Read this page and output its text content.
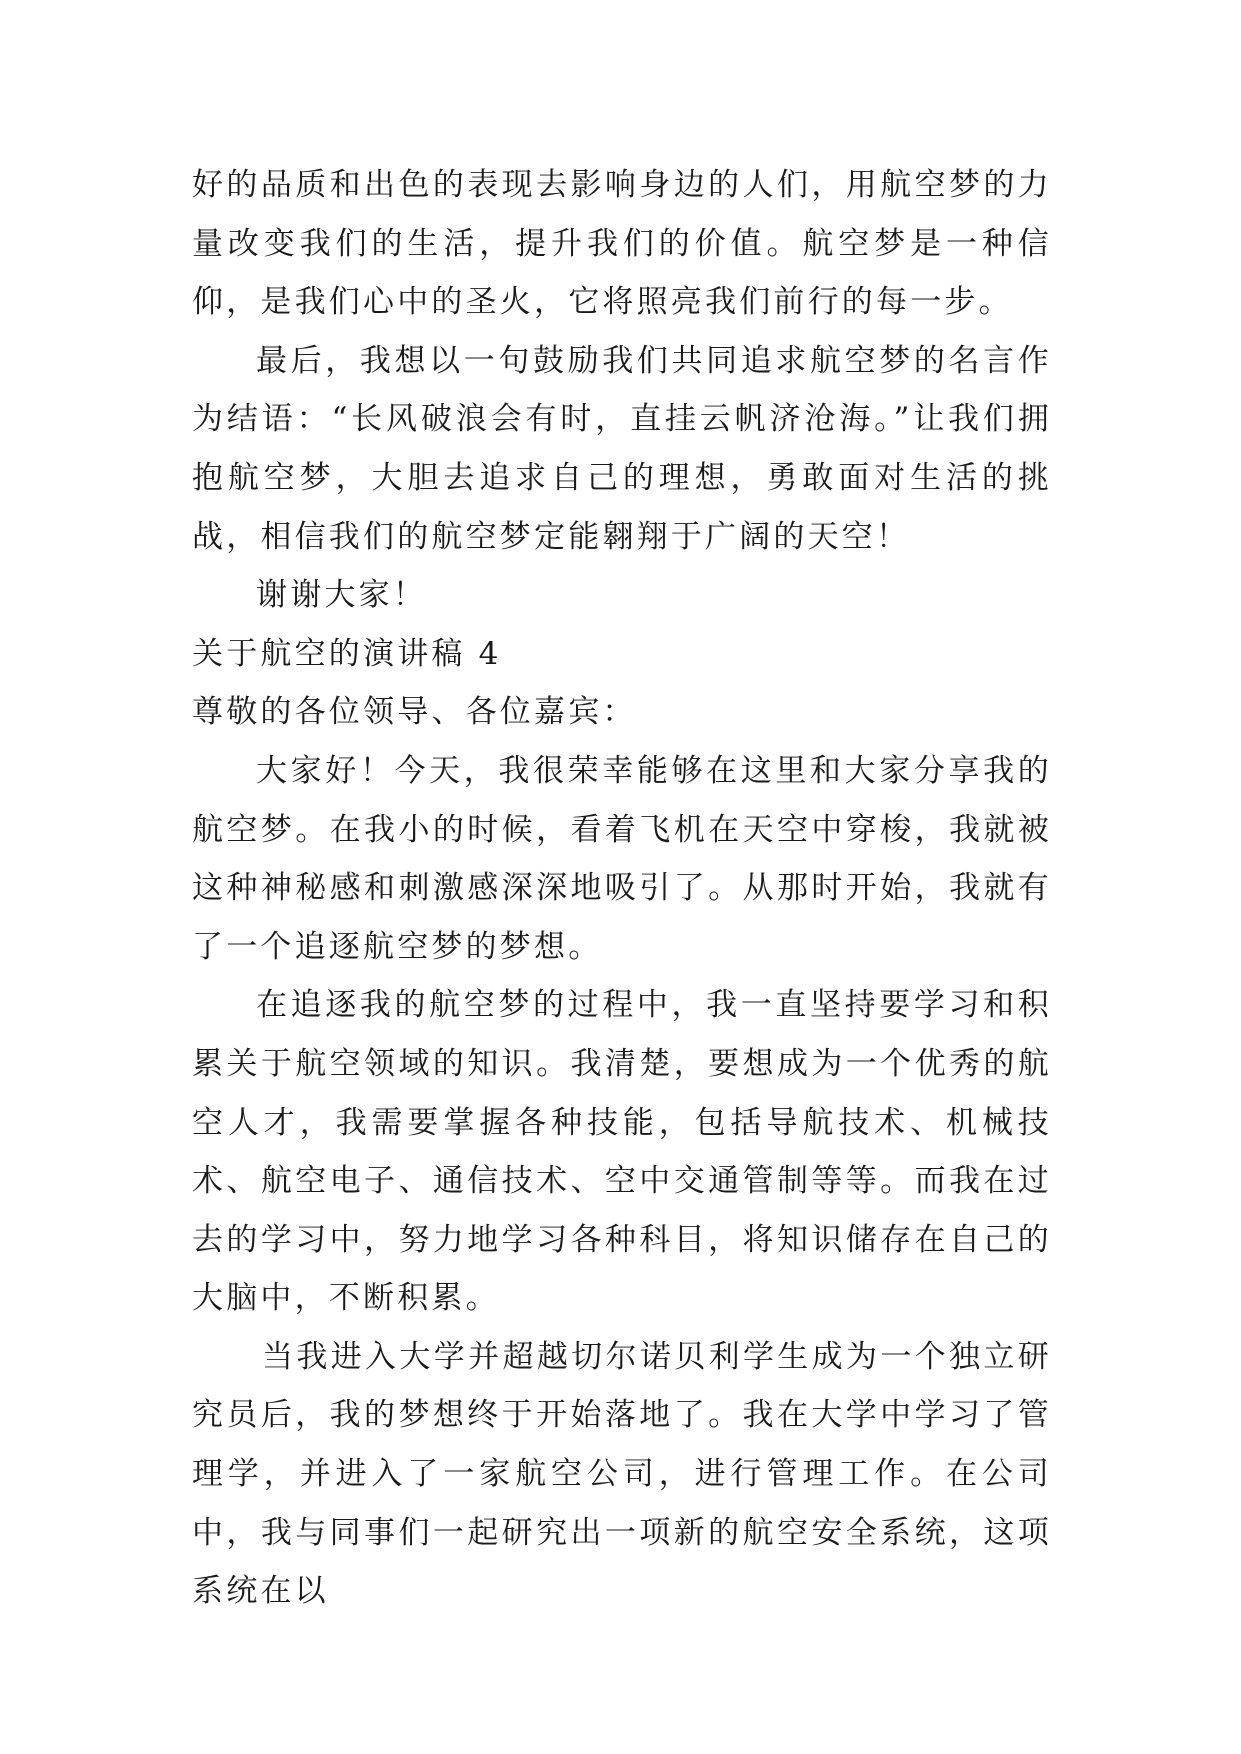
好的品质和出色的表现去影响身边的人们，用航空梦的力量改变我们的生活，提升我们的价值。航空梦是一种信仰，是我们心中的圣火，它将照亮我们前行的每一步。

最后，我想以一句鼓励我们共同追求航空梦的名言作为结语：“长风破浪会有时，直挂云帆济沧海。”让我们拥抱航空梦，大胆去追求自己的理想，勇敢面对生活的挑战，相信我们的航空梦定能翱翔于广阔的天空！

谢谢大家！

关于航空的演讲稿 4

尊敬的各位领导、各位嘉宾：

大家好！今天，我很荣幸能够在这里和大家分享我的航空梦。在我小的时候，看着飞机在天空中穿梭，我就被这种神秘感和刺激感深深地吸引了。从那时开始，我就有了一个追逐航空梦的梦想。

在追逐我的航空梦的过程中，我一直坚持要学习和积累关于航空领域的知识。我清楚，要想成为一个优秀的航空人才，我需要掌握各种技能，包括导航技术、机械技术、航空电子、通信技术、空中交通管制等等。而我在过去的学习中，努力地学习各种科目，将知识储存在自己的大脑中，不断积累。

当我进入大学并超越切尔诺贝利学生成为一个独立研究员后，我的梦想终于开始落地了。我在大学中学习了管理学，并进入了一家航空公司，进行管理工作。在公司中，我与同事们一起研究出一项新的航空安全系统，这项系统在以
